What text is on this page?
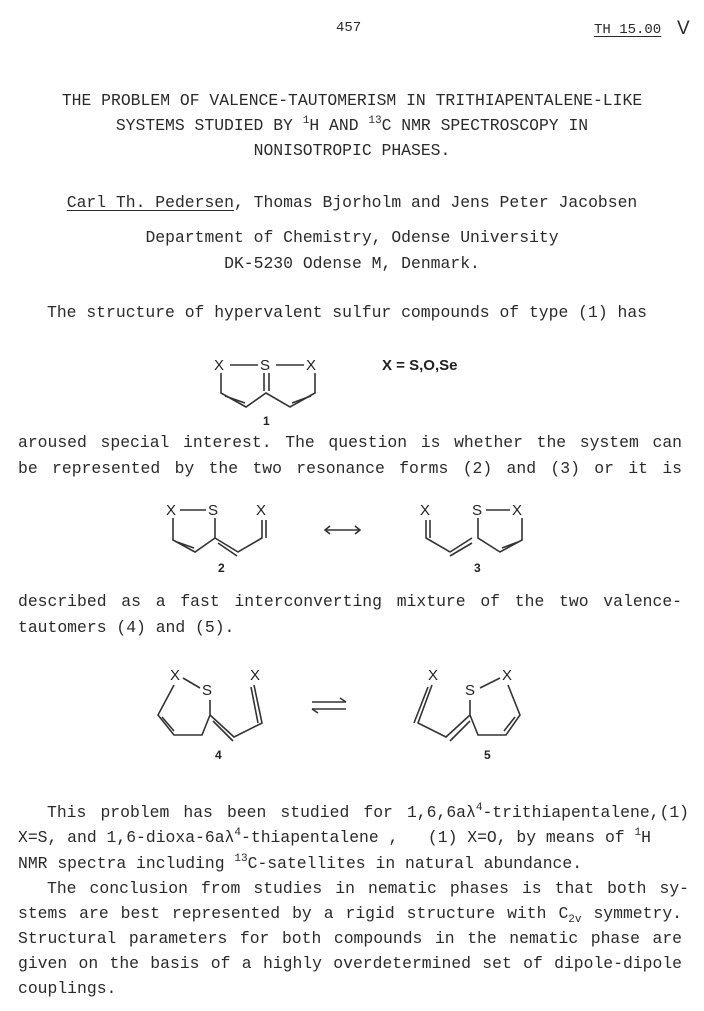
457	TH 15.00 V
THE PROBLEM OF VALENCE-TAUTOMERISM IN TRITHIAPENTALENE-LIKE
SYSTEMS STUDIED BY $^1$H AND $^{13}$C NMR SPECTROSCOPY IN
NONISOTROPIC PHASES.
Carl Th. Pedersen, Thomas Bjorholm and Jens Peter Jacobsen
Department of Chemistry, Odense University
DK-5230 Odense M, Denmark.
The structure of hypervalent sulfur compounds of type (1) has
X S X
1
X = S,O,Se
aroused special interest. The question is whether the system can
be represented by the two resonance forms (2) and (3) or it is
X S	X
2
X	S X
3
described as a fast interconverting mixture of the two valence-
tautomers (4) and (5).
X
S
X
4
X
S
X
5
This problem has been studied for $1,6,6a\lambda^4-trithiapentalene,(1)$
X=S, and $1,6-dioxa-6a\lambda^4$-thiapentalene ,   (1) X=O, by means of $^1$H
NMR spectra including $^{13}$C-satellites in natural abundance.
The conclusion from studies in nematic phases is that both sy-
stems are best represented by a rigid structure with $C_{2v}$ symmetry.
Structural parameters for both compounds in the nematic phase are
given on the basis of a highly overdetermined set of dipole-dipole
couplings.
